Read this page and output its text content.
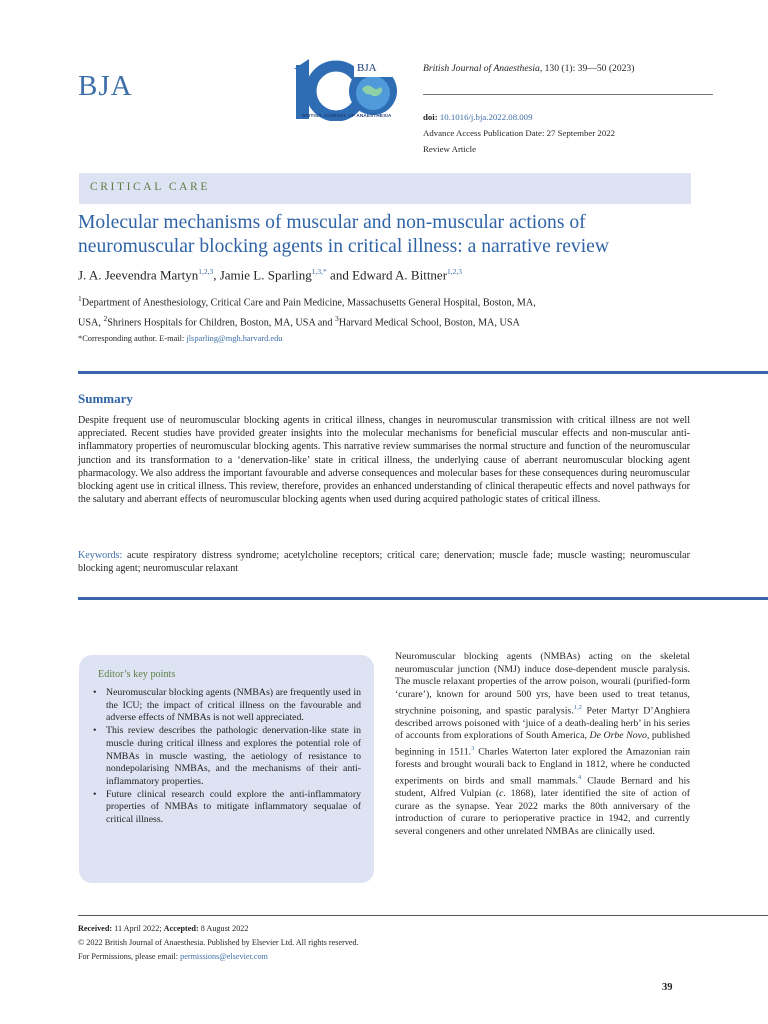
BJA
BJA
BRITISH JOURNAL OF ANAESTHESIA
British Journal of Anaesthesia, 130 (1): 39—50 (2023)
doi: 10.1016/j.bja.2022.08.009
Advance Access Publication Date: 27 September 2022
Review Article
CRITICAL CARE
Molecular mechanisms of muscular and non-muscular actions of
neuromuscular blocking agents in critical illness: a narrative review
J. A. Jeevendra Martyn$^{1,2,3}$, Jamie L. Sparling$^{1,3,*}$ and Edward A. Bittner$^{1,2,3}$
$^1$Department of Anesthesiology, Critical Care and Pain Medicine, Massachusetts General Hospital, Boston, MA,
USA, $^2$Shriners Hospitals for Children, Boston, MA, USA and $^3$Harvard Medical School, Boston, MA, USA
*Corresponding author. E-mail: jlsparling@mgh.harvard.edu
Summary
Despite frequent use of neuromuscular blocking agents in critical illness, changes in neuromuscular transmission with critical illness are not well appreciated. Recent studies have provided greater insights into the molecular mechanisms for beneficial muscular effects and non-muscular anti-inflammatory properties of neuromuscular blocking agents. This narrative review summarises the normal structure and function of the neuromuscular junction and its transformation to a ‘denervation-like’ state in critical illness, the underlying cause of aberrant neuromuscular blocking agent pharmacology. We also address the important favourable and adverse consequences and molecular bases for these consequences during neuromuscular blocking agent use in critical illness. This review, therefore, provides an enhanced understanding of clinical therapeutic effects and novel pathways for the salutary and aberrant effects of neuromuscular blocking agents when used during acquired pathologic states of critical illness.
Keywords: acute respiratory distress syndrome; acetylcholine receptors; critical care; denervation; muscle fade; muscle wasting; neuromuscular blocking agent; neuromuscular relaxant
Editor’s key points
• Neuromuscular blocking agents (NMBAs) are frequently used in the ICU; the impact of critical illness on the favourable and adverse effects of NMBAs is not well appreciated.
• This review describes the pathologic denervation-like state in muscle during critical illness and explores the potential role of NMBAs in muscle wasting, the aetiology of resistance to nondepolarising NMBAs, and the mechanisms of their anti-inflammatory properties.
• Future clinical research could explore the anti-inflammatory properties of NMBAs to mitigate inflammatory sequalae of critical illness.
Neuromuscular blocking agents (NMBAs) acting on the skeletal neuromuscular junction (NMJ) induce dose-dependent muscle paralysis. The muscle relaxant properties of the arrow poison, wourali (purified-form ‘curare’), known for around 500 yrs, have been used to treat tetanus, strychnine poisoning, and spastic paralysis.$^{1,2}$ Peter Martyr D’Anghiera described arrows poisoned with ‘juice of a death-dealing herb’ in his series of accounts from explorations of South America, De Orbe Novo, published beginning in 1511.$^3$ Charles Waterton later explored the Amazonian rain forests and brought wourali back to England in 1812, where he conducted experiments on birds and small mammals.$^4$ Claude Bernard and his student, Alfred Vulpian (c. 1868), later identified the site of action of curare as the synapse. Year 2022 marks the 80th anniversary of the introduction of curare to perioperative practice in 1942, and currently several congeners and other unrelated NMBAs are clinically used.
Received: 11 April 2022; Accepted: 8 August 2022
© 2022 British Journal of Anaesthesia. Published by Elsevier Ltd. All rights reserved.
For Permissions, please email: permissions@elsevier.com
39
